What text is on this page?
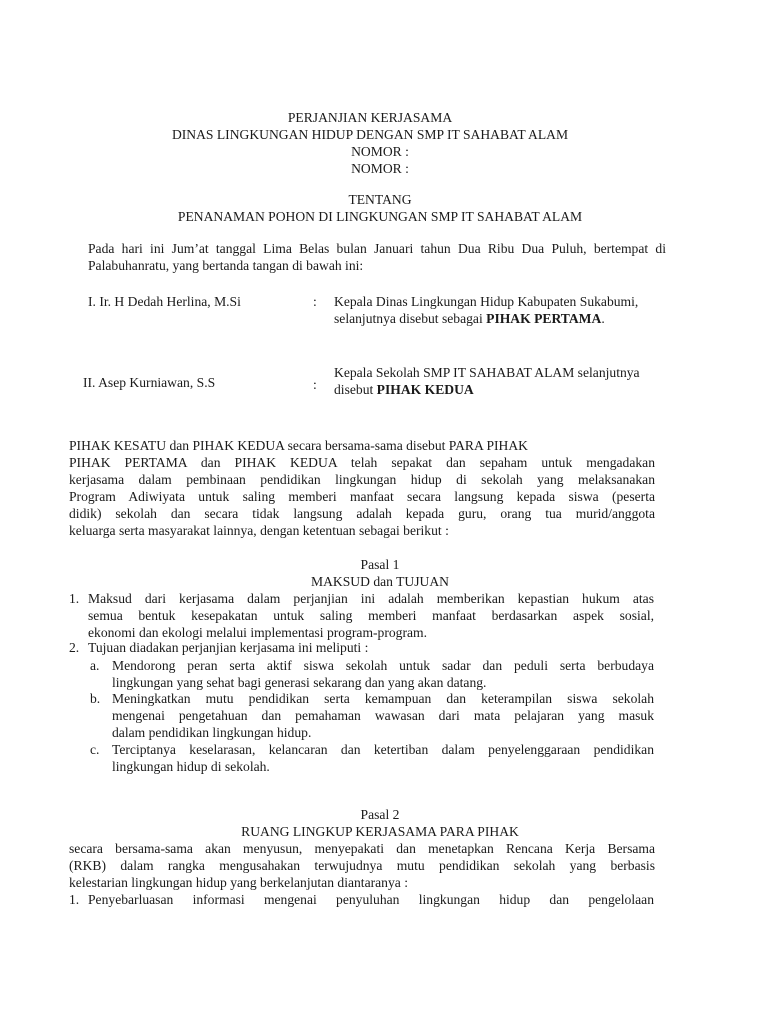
PERJANJIAN KERJASAMA
DINAS LINGKUNGAN HIDUP DENGAN SMP IT SAHABAT ALAM
NOMOR :
NOMOR :
TENTANG
PENANAMAN POHON DI LINGKUNGAN SMP IT SAHABAT ALAM
Pada hari ini Jum’at tanggal Lima Belas bulan Januari tahun Dua Ribu Dua Puluh, bertempat di Palabuhanratu, yang bertanda tangan di bawah ini:
I. Ir. H Dedah Herlina, M.Si	: Kepala Dinas Lingkungan Hidup Kabupaten Sukabumi,
selanjutnya disebut sebagai PIHAK PERTAMA.
II. Asep Kurniawan, S.S	:
Kepala Sekolah SMP IT SAHABAT ALAM selanjutnya
disebut PIHAK KEDUA
PIHAK KESATU dan PIHAK KEDUA secara bersama-sama disebut PARA PIHAK
PIHAK PERTAMA dan PIHAK KEDUA telah sepakat dan sepaham untuk mengadakan
kerjasama dalam pembinaan pendidikan lingkungan hidup di sekolah yang melaksanakan
Program Adiwiyata untuk saling memberi manfaat secara langsung kepada siswa (peserta
didik) sekolah dan secara tidak langsung adalah kepada guru, orang tua murid/anggota
keluarga serta masyarakat lainnya, dengan ketentuan sebagai berikut :
Pasal 1
MAKSUD dan TUJUAN
1. Maksud dari kerjasama dalam perjanjian ini adalah memberikan kepastian hukum atas
semua bentuk kesepakatan untuk saling memberi manfaat berdasarkan aspek sosial,
ekonomi dan ekologi melalui implementasi program-program.
2. Tujuan diadakan perjanjian kerjasama ini meliputi :
a. Mendorong peran serta aktif siswa sekolah untuk sadar dan peduli serta berbudaya
lingkungan yang sehat bagi generasi sekarang dan yang akan datang.
b. Meningkatkan mutu pendidikan serta kemampuan dan keterampilan siswa sekolah
mengenai pengetahuan dan pemahaman wawasan dari mata pelajaran yang masuk
dalam pendidikan lingkungan hidup.
c. Terciptanya keselarasan, kelancaran dan ketertiban dalam penyelenggaraan pendidikan
lingkungan hidup di sekolah.
Pasal 2
RUANG LINGKUP KERJASAMA PARA PIHAK
secara bersama-sama akan menyusun, menyepakati dan menetapkan Rencana Kerja Bersama
(RKB) dalam rangka mengusahakan terwujudnya mutu pendidikan sekolah yang berbasis
kelestarian lingkungan hidup yang berkelanjutan diantaranya :
1. Penyebarluasan informasi mengenai penyuluhan lingkungan hidup dan pengelolaan
